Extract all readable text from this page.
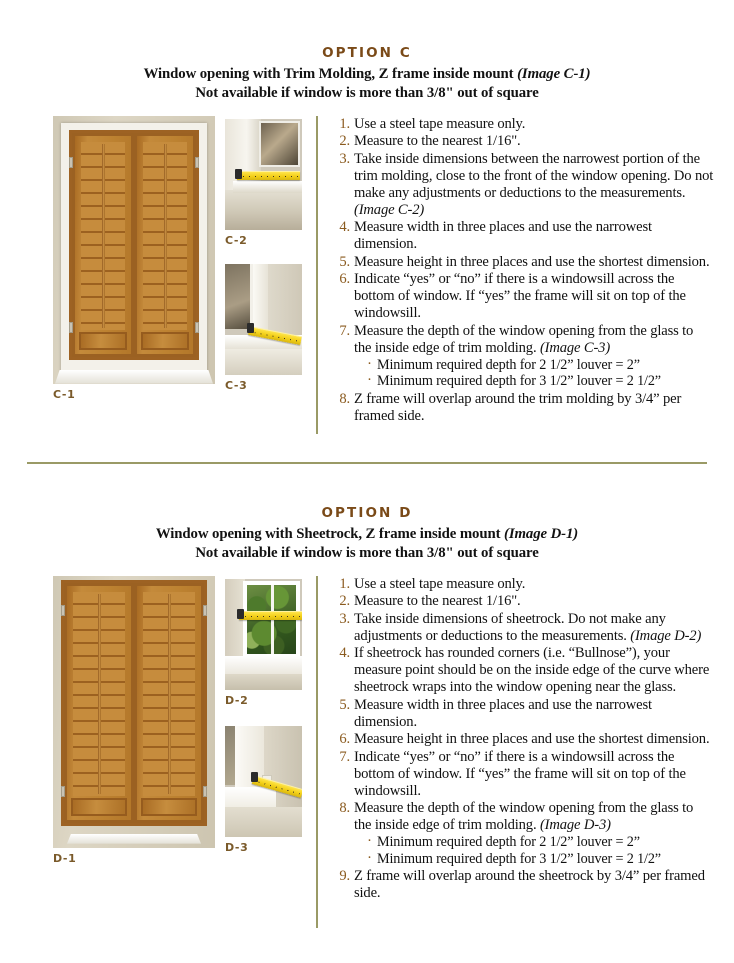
OPTION C

Window opening with Trim Molding, Z frame inside mount (Image C-1)

Not available if window is more than 3/8" out of square

C-1
C-2
C-3
1. Use a steel tape measure only.
2. Measure to the nearest 1/16".
3. Take inside dimensions between the narrowest portion of the trim molding, close to the front of the window opening. Do not make any adjustments or deductions to the measurements. (Image C-2)
4. Measure width in three places and use the narrowest dimension.
5. Measure height in three places and use the shortest dimension.
6. Indicate “yes” or “no” if there is a windowsill across the bottom of window. If “yes” the frame will sit on top of the windowsill.
7. Measure the depth of the window opening from the glass to the inside edge of trim molding. (Image C-3)
· Minimum required depth for 2 1/2” louver = 2”
· Minimum required depth for 3 1/2” louver = 2 1/2”
8. Z frame will overlap around the trim molding by 3/4” per framed side.
OPTION D

Window opening with Sheetrock, Z frame inside mount (Image D-1)

Not available if window is more than 3/8" out of square

D-1
D-2
D-3
1. Use a steel tape measure only.
2. Measure to the nearest 1/16".
3. Take inside dimensions of sheetrock. Do not make any adjustments or deductions to the measurements. (Image D-2)
4. If sheetrock has rounded corners (i.e. “Bullnose”), your measure point should be on the inside edge of the curve where sheetrock wraps into the window opening near the glass.
5. Measure width in three places and use the narrowest dimension.
6. Measure height in three places and use the shortest dimension.
7. Indicate “yes” or “no” if there is a windowsill across the bottom of window. If “yes” the frame will sit on top of the windowsill.
8. Measure the depth of the window opening from the glass to the inside edge of trim molding. (Image D-3)
· Minimum required depth for 2 1/2” louver = 2”
· Minimum required depth for 3 1/2” louver = 2 1/2”
9. Z frame will overlap around the sheetrock by 3/4” per framed side.
